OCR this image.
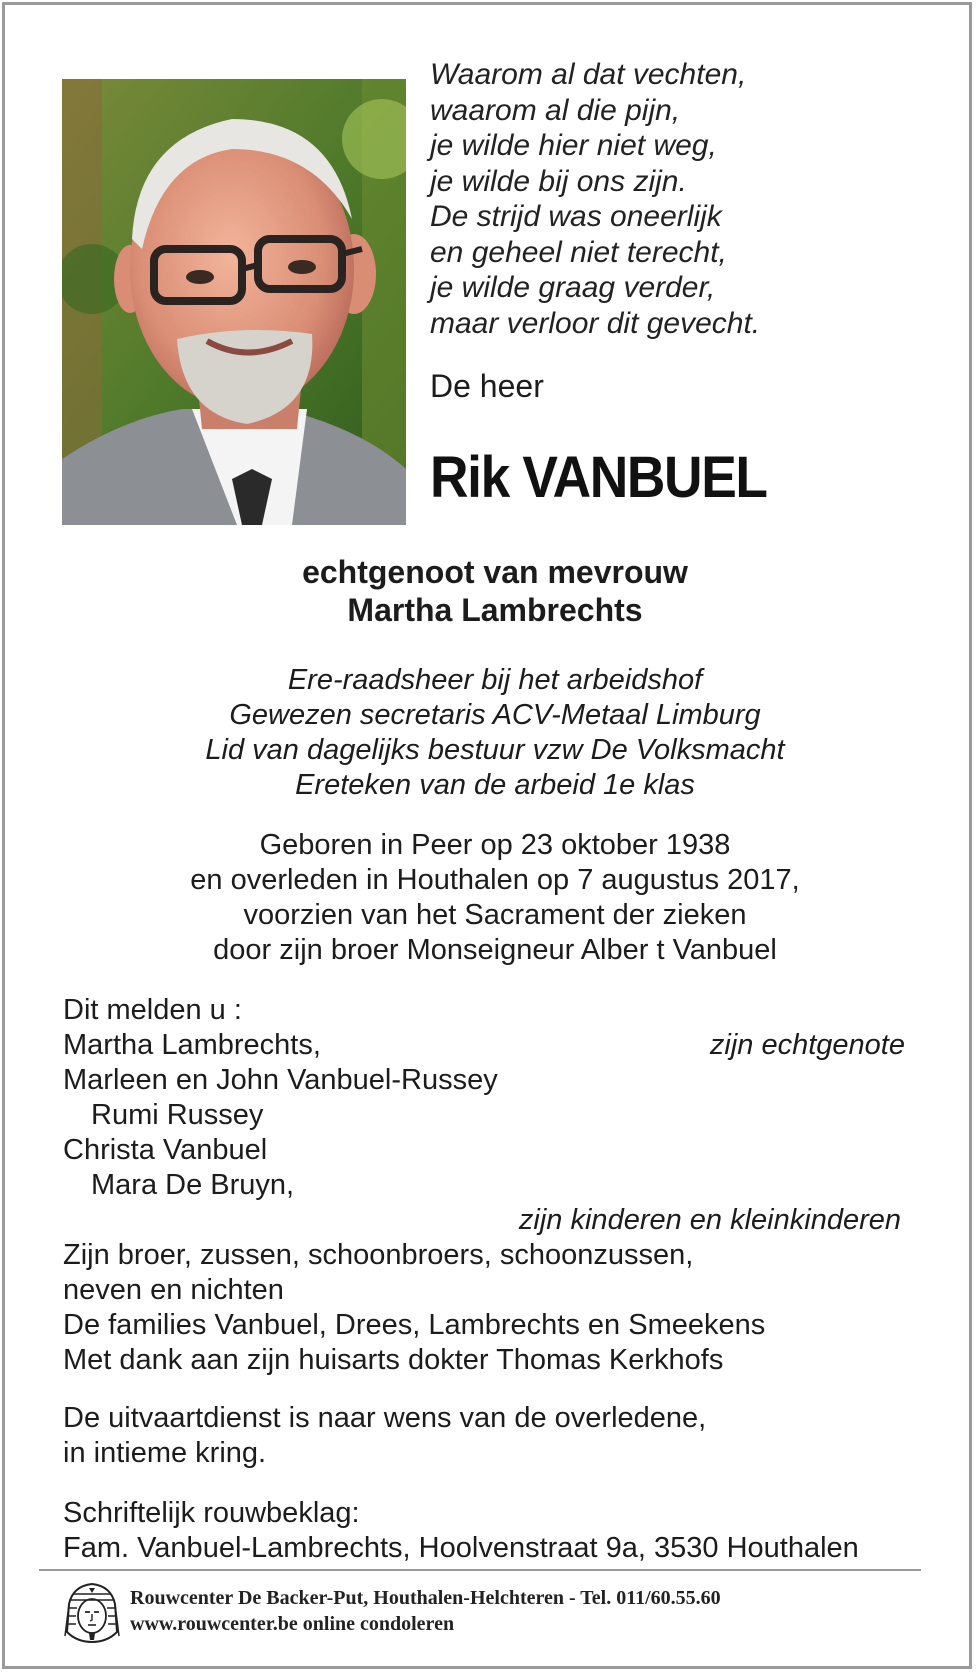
Waarom al dat vechten,
waarom al die pijn,
je wilde hier niet weg,
je wilde bij ons zijn.
De strijd was oneerlijk
en geheel niet terecht,
je wilde graag verder,
maar verloor dit gevecht.
De heer
Rik VANBUEL
echtgenoot van mevrouw
Martha Lambrechts
Ere-raadsheer bij het arbeidshof
Gewezen secretaris ACV-Metaal Limburg
Lid van dagelijks bestuur vzw De Volksmacht
Ereteken van de arbeid 1e klas
Geboren in Peer op 23 oktober 1938
en overleden in Houthalen op 7 augustus 2017,
voorzien van het Sacrament der zieken
door zijn broer Monseigneur Alber t Vanbuel
Dit melden u :
Martha Lambrechts,	zijn echtgenote
Marleen en John Vanbuel-Russey
Rumi Russey
Christa Vanbuel
Mara De Bruyn,
zijn kinderen en kleinkinderen
Zijn broer, zussen, schoonbroers, schoonzussen,
neven en nichten
De families Vanbuel, Drees, Lambrechts en Smeekens
Met dank aan zijn huisarts dokter Thomas Kerkhofs
De uitvaartdienst is naar wens van de overledene,
in intieme kring.
Schriftelijk rouwbeklag:
Fam. Vanbuel-Lambrechts, Hoolvenstraat 9a, 3530 Houthalen
Rouwcenter De Backer-Put, Houthalen-Helchteren - Tel. 011/60.55.60
www.rouwcenter.be online condoleren
